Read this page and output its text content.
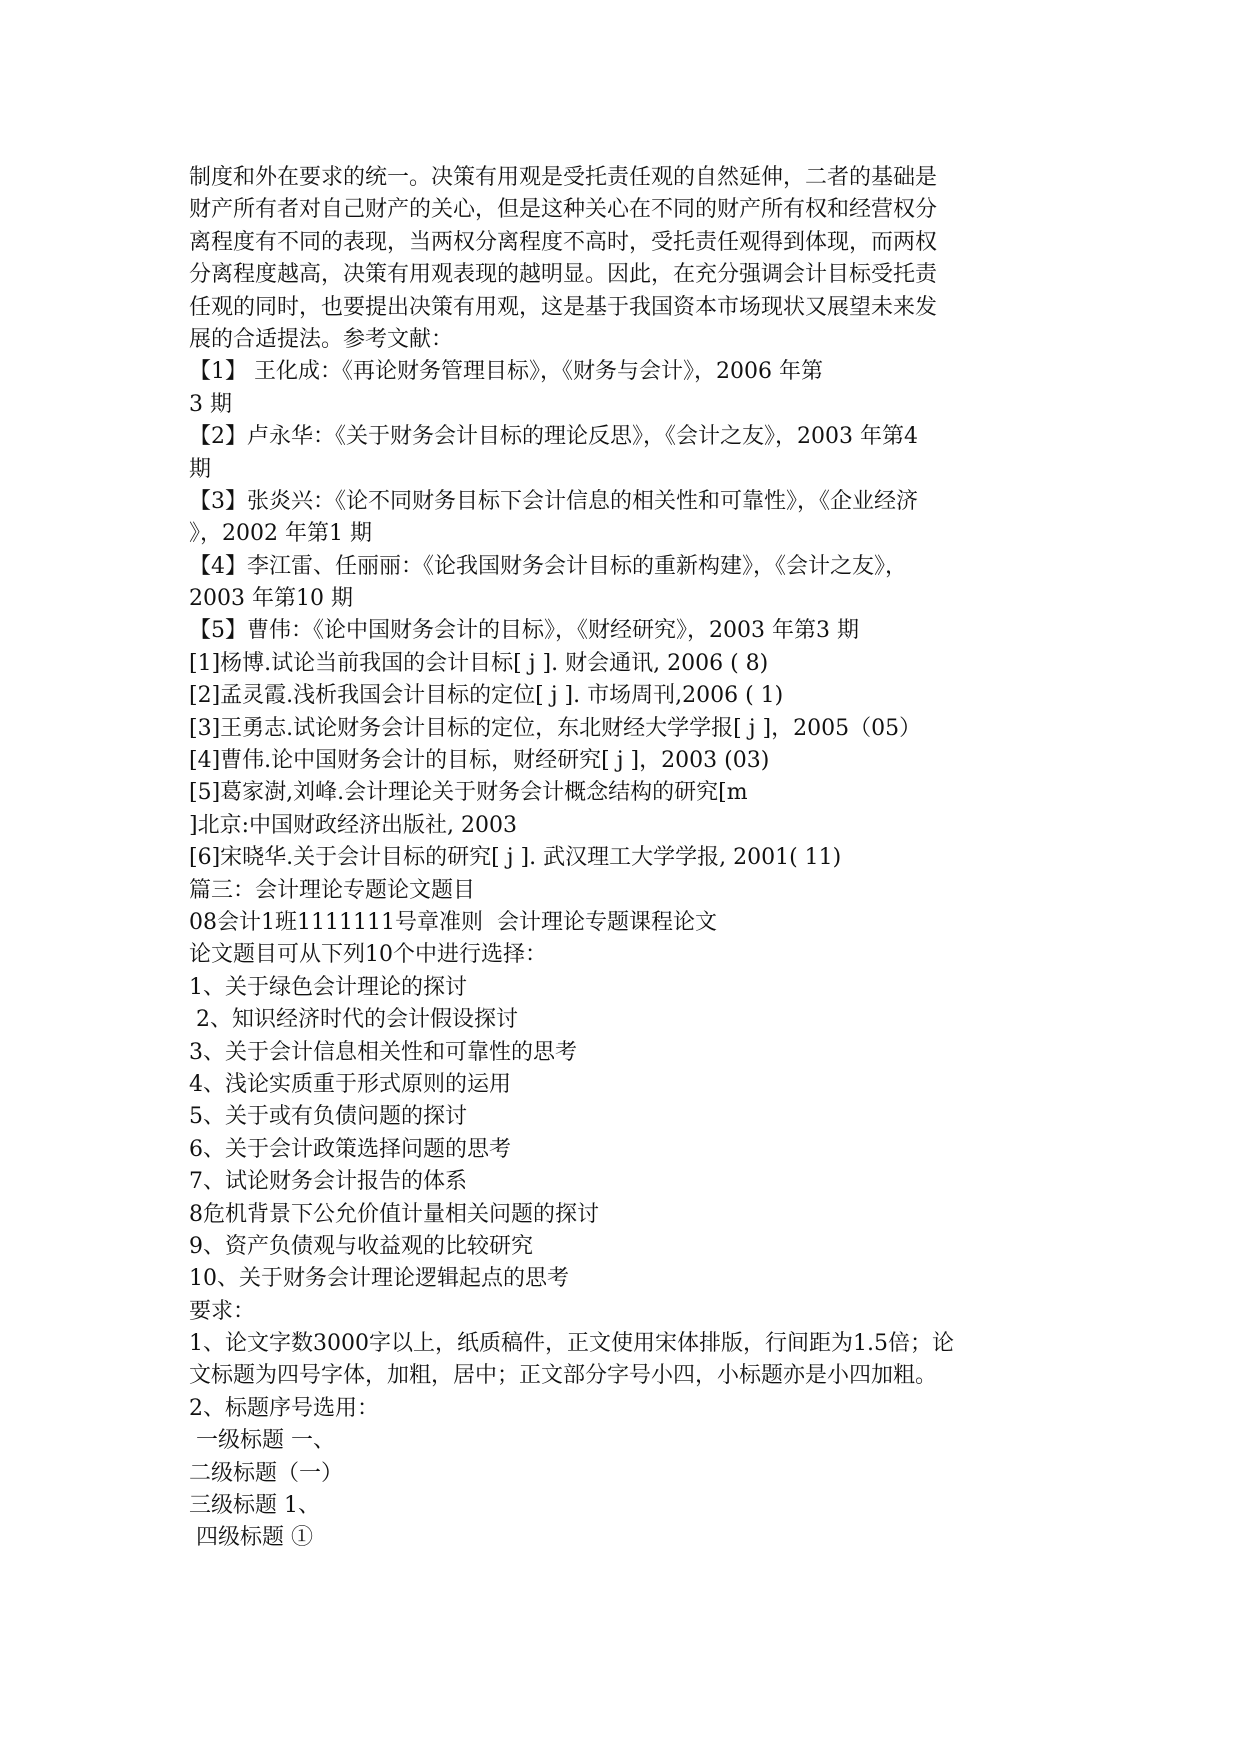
制度和外在要求的统一。决策有用观是受托责任观的自然延伸，二者的基础是
财产所有者对自己财产的关心，但是这种关心在不同的财产所有权和经营权分
离程度有不同的表现，当两权分离程度不高时，受托责任观得到体现，而两权
分离程度越高，决策有用观表现的越明显。因此，在充分强调会计目标受托责
任观的同时，也要提出决策有用观，这是基于我国资本市场现状又展望未来发
展的合适提法。参考文献：
【1】 王化成：《再论财务管理目标》，《财务与会计》，2006 年第
3 期
【2】卢永华：《关于财务会计目标的理论反思》，《会计之友》，2003 年第4
期
【3】张炎兴：《论不同财务目标下会计信息的相关性和可靠性》，《企业经济
》，2002 年第1 期
【4】李江雷、任丽丽：《论我国财务会计目标的重新构建》，《会计之友》，
2003 年第10 期
【5】曹伟：《论中国财务会计的目标》，《财经研究》，2003 年第3 期
[1]杨博.试论当前我国的会计目标[ j ]. 财会通讯, 2006 ( 8)
[2]孟灵霞.浅析我国会计目标的定位[ j ]. 市场周刊,2006 ( 1)
[3]王勇志.试论财务会计目标的定位，东北财经大学学报[ j ]，2005（05）
[4]曹伟.论中国财务会计的目标，财经研究[ j ]，2003 (03)
[5]葛家澍,刘峰.会计理论关于财务会计概念结构的研究[m
]北京:中国财政经济出版社, 2003
[6]宋晓华.关于会计目标的研究[ j ]. 武汉理工大学学报, 2001( 11)
篇三：会计理论专题论文题目
08会计1班1111111号章准则  会计理论专题课程论文
论文题目可从下列10个中进行选择：
1、关于绿色会计理论的探讨
2、知识经济时代的会计假设探讨
3、关于会计信息相关性和可靠性的思考
4、浅论实质重于形式原则的运用
5、关于或有负债问题的探讨
6、关于会计政策选择问题的思考
7、试论财务会计报告的体系
8危机背景下公允价值计量相关问题的探讨
9、资产负债观与收益观的比较研究
10、关于财务会计理论逻辑起点的思考
要求：
1、论文字数3000字以上，纸质稿件，正文使用宋体排版，行间距为1.5倍；论
文标题为四号字体，加粗，居中；正文部分字号小四，小标题亦是小四加粗。
2、标题序号选用：
一级标题 一、
二级标题（一）
三级标题 1、
四级标题 ①
